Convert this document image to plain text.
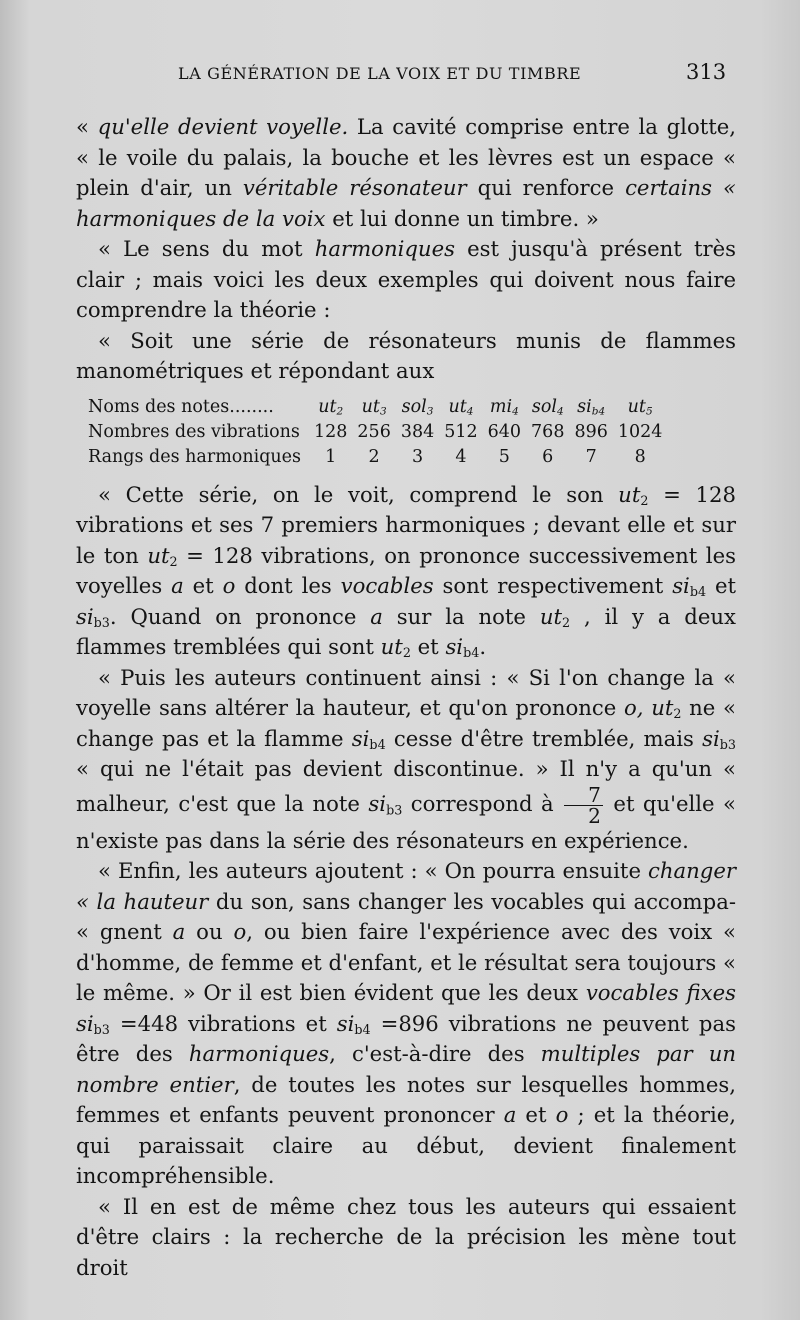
LA GÉNÉRATION DE LA VOIX ET DU TIMBRE	313

« qu'elle devient voyelle. La cavité comprise entre la glotte, « le voile du palais, la bouche et les lèvres est un espace « plein d'air, un véritable résonateur qui renforce certains « harmoniques de la voix et lui donne un timbre. »

« Le sens du mot harmoniques est jusqu'à présent très clair ; mais voici les deux exemples qui doivent nous faire comprendre la théorie :

« Soit une série de résonateurs munis de flammes manométriques et répondant aux

Noms des notes........	$ut_2$	$ut_3$	sol$_3$	$ut_4$	$mi_4$	sol$_4$	$si_{b4}$	$ut_5$
Nombres des vibrations	128	256	384	512	640	768	896	1024
Rangs des harmoniques	1	2	3	4	5	6	7	8

« Cette série, on le voit, comprend le son $ut_2 = 128$ vibrations et ses 7 premiers harmoniques ; devant elle et sur le ton $ut_2 = 128$ vibrations, on prononce successivement les voyelles a et o dont les vocables sont respectivement $si_{b4}$ et $si_{b3}$. Quand on prononce a sur la note $ut_2$ , il y a deux flammes tremblées qui sont $ut_2$ et $si_{b4}$.

« Puis les auteurs continuent ainsi : « Si l'on change la « voyelle sans altérer la hauteur, et qu'on prononce o, $ut_2$ ne « change pas et la flamme $si_{b4}$ cesse d'être tremblée, mais $si_{b3}$ « qui ne l'était pas devient discontinue. » Il n'y a qu'un « malheur, c'est que la note $si_{b3}$ correspond à $\frac{7}{2}$ et qu'elle « n'existe pas dans la série des résonateurs en expérience.

« Enfin, les auteurs ajoutent : « On pourra ensuite changer « la hauteur du son, sans changer les vocables qui accompa- « gnent a ou o, ou bien faire l'expérience avec des voix « d'homme, de femme et d'enfant, et le résultat sera toujours « le même. » Or il est bien évident que les deux vocables fixes $si_{b3} =448$ vibrations et $si_{b4} =896$ vibrations ne peuvent pas être des harmoniques, c'est-à-dire des multiples par un nombre entier, de toutes les notes sur lesquelles hommes, femmes et enfants peuvent prononcer a et o ; et la théorie, qui paraissait claire au début, devient finalement incompréhensible.

« Il en est de même chez tous les auteurs qui essaient d'être clairs : la recherche de la précision les mène tout droit
